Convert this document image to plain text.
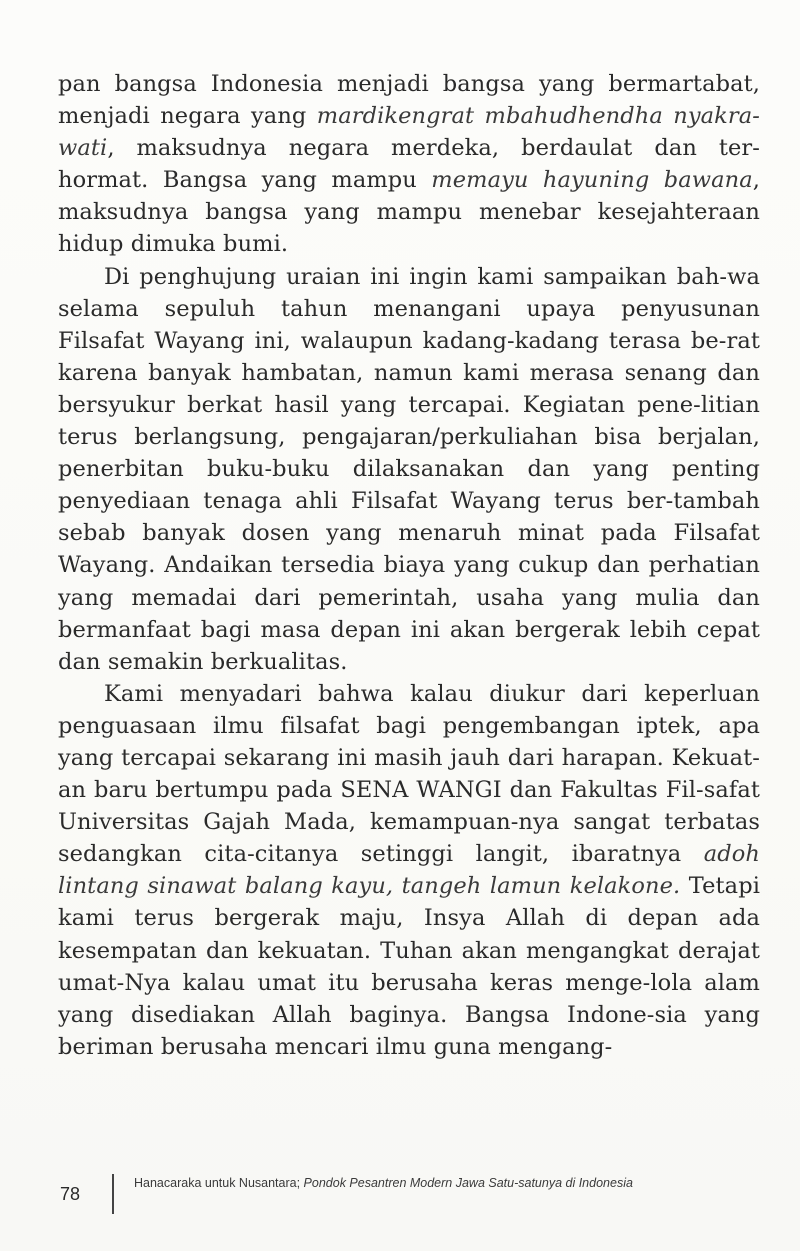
pan bangsa Indonesia menjadi bangsa yang bermartabat, menjadi negara yang mardikengrat mbahudhendha nyakra-wati, maksudnya negara merdeka, berdaulat dan ter-hormat. Bangsa yang mampu memayu hayuning bawana, maksudnya bangsa yang mampu menebar kesejahteraan hidup dimuka bumi.

Di penghujung uraian ini ingin kami sampaikan bah-wa selama sepuluh tahun menangani upaya penyusunan Filsafat Wayang ini, walaupun kadang-kadang terasa be-rat karena banyak hambatan, namun kami merasa senang dan bersyukur berkat hasil yang tercapai. Kegiatan pene-litian terus berlangsung, pengajaran/perkuliahan bisa berjalan, penerbitan buku-buku dilaksanakan dan yang penting penyediaan tenaga ahli Filsafat Wayang terus ber-tambah sebab banyak dosen yang menaruh minat pada Filsafat Wayang. Andaikan tersedia biaya yang cukup dan perhatian yang memadai dari pemerintah, usaha yang mulia dan bermanfaat bagi masa depan ini akan bergerak lebih cepat dan semakin berkualitas.

Kami menyadari bahwa kalau diukur dari keperluan penguasaan ilmu filsafat bagi pengembangan iptek, apa yang tercapai sekarang ini masih jauh dari harapan. Kekuat-an baru bertumpu pada SENA WANGI dan Fakultas Fil-safat Universitas Gajah Mada, kemampuan-nya sangat terbatas sedangkan cita-citanya setinggi langit, ibaratnya adoh lintang sinawat balang kayu, tangeh lamun kelakone. Tetapi kami terus bergerak maju, Insya Allah di depan ada kesempatan dan kekuatan. Tuhan akan mengangkat derajat umat-Nya kalau umat itu berusaha keras menge-lola alam yang disediakan Allah baginya. Bangsa Indone-sia yang beriman berusaha mencari ilmu guna mengang-

78
Hanacaraka untuk Nusantara; Pondok Pesantren Modern Jawa Satu-satunya di Indonesia
